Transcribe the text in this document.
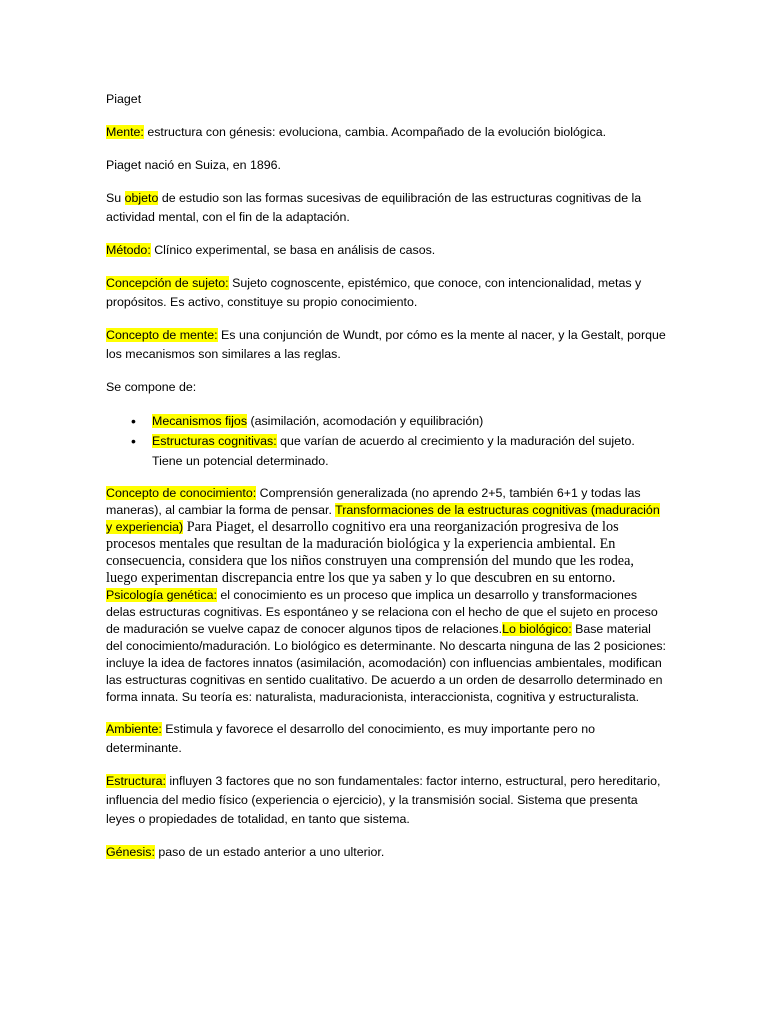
Piaget

Mente: estructura con génesis: evoluciona, cambia. Acompañado de la evolución biológica.

Piaget nació en Suiza, en 1896.

Su objeto de estudio son las formas sucesivas de equilibración de las estructuras cognitivas de la actividad mental, con el fin de la adaptación.

Método: Clínico experimental, se basa en análisis de casos.

Concepción de sujeto: Sujeto cognoscente, epistémico, que conoce, con intencionalidad, metas y propósitos. Es activo, constituye su propio conocimiento.

Concepto de mente: Es una conjunción de Wundt, por cómo es la mente al nacer, y la Gestalt, porque los mecanismos son similares a las reglas.

Se compone de:

• Mecanismos fijos (asimilación, acomodación y equilibración)
• Estructuras cognitivas: que varían de acuerdo al crecimiento y la maduración del sujeto. Tiene un potencial determinado.

Concepto de conocimiento: Comprensión generalizada (no aprendo 2+5, también 6+1 y todas las maneras), al cambiar la forma de pensar. Transformaciones de la estructuras cognitivas (maduración y experiencia) Para Piaget, el desarrollo cognitivo era una reorganización progresiva de los procesos mentales que resultan de la maduración biológica y la experiencia ambiental. En consecuencia, considera que los niños construyen una comprensión del mundo que les rodea, luego experimentan discrepancia entre los que ya saben y lo que descubren en su entorno. Psicología genética: el conocimiento es un proceso que implica un desarrollo y transformaciones delas estructuras cognitivas. Es espontáneo y se relaciona con el hecho de que el sujeto en proceso de maduración se vuelve capaz de conocer algunos tipos de relaciones.Lo biológico: Base material del conocimiento/maduración. Lo biológico es determinante. No descarta ninguna de las 2 posiciones: incluye la idea de factores innatos (asimilación, acomodación) con influencias ambientales, modifican las estructuras cognitivas en sentido cualitativo. De acuerdo a un orden de desarrollo determinado en forma innata. Su teoría es: naturalista, maduracionista, interaccionista, cognitiva y estructuralista.

Ambiente: Estimula y favorece el desarrollo del conocimiento, es muy importante pero no determinante.

Estructura: influyen 3 factores que no son fundamentales: factor interno, estructural, pero hereditario, influencia del medio físico (experiencia o ejercicio), y la transmisión social. Sistema que presenta leyes o propiedades de totalidad, en tanto que sistema.

Génesis: paso de un estado anterior a uno ulterior.
